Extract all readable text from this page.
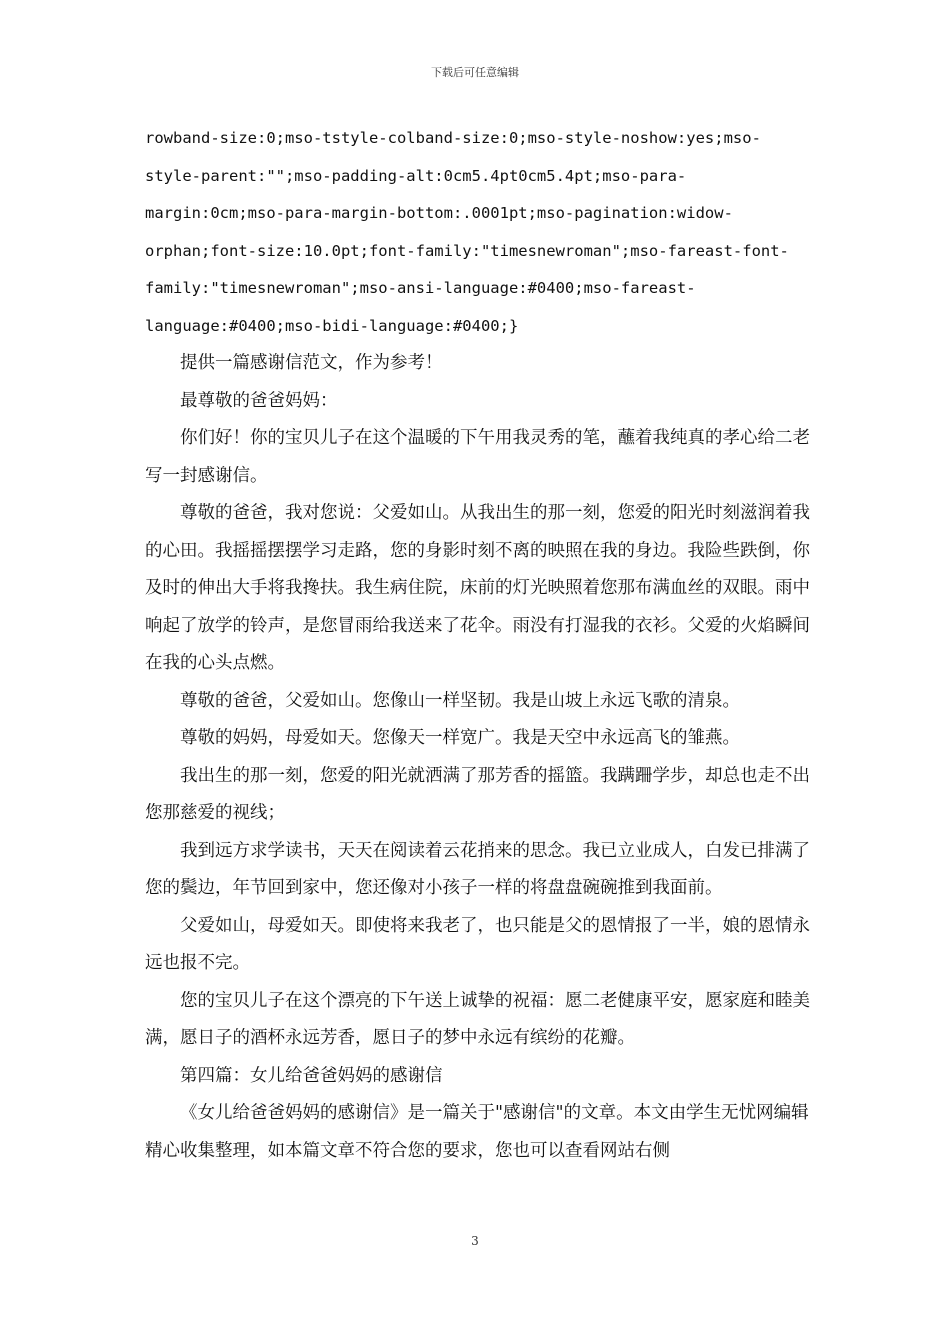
下载后可任意编辑

rowband-size:0;mso-tstyle-colband-size:0;mso-style-noshow:yes;mso-

style-parent:"";mso-padding-alt:0cm5.4pt0cm5.4pt;mso-para-

margin:0cm;mso-para-margin-bottom:.0001pt;mso-pagination:widow-

orphan;font-size:10.0pt;font-family:"timesnewroman";mso-fareast-font-

family:"timesnewroman";mso-ansi-language:#0400;mso-fareast-

language:#0400;mso-bidi-language:#0400;}

提供一篇感谢信范文，作为参考！

最尊敬的爸爸妈妈：

你们好！你的宝贝儿子在这个温暖的下午用我灵秀的笔，蘸着我纯真的孝心给二老写一封感谢信。

尊敬的爸爸，我对您说：父爱如山。从我出生的那一刻，您爱的阳光时刻滋润着我的心田。我摇摇摆摆学习走路，您的身影时刻不离的映照在我的身边。我险些跌倒，你及时的伸出大手将我搀扶。我生病住院，床前的灯光映照着您那布满血丝的双眼。雨中响起了放学的铃声，是您冒雨给我送来了花伞。雨没有打湿我的衣衫。父爱的火焰瞬间在我的心头点燃。

尊敬的爸爸，父爱如山。您像山一样坚韧。我是山坡上永远飞歌的清泉。

尊敬的妈妈，母爱如天。您像天一样宽广。我是天空中永远高飞的雏燕。

我出生的那一刻，您爱的阳光就洒满了那芳香的摇篮。我蹒跚学步，却总也走不出您那慈爱的视线；

我到远方求学读书，天天在阅读着云花捎来的思念。我已立业成人，白发已排满了您的鬓边，年节回到家中，您还像对小孩子一样的将盘盘碗碗推到我面前。

父爱如山，母爱如天。即使将来我老了，也只能是父的恩情报了一半，娘的恩情永远也报不完。

您的宝贝儿子在这个漂亮的下午送上诚挚的祝福：愿二老健康平安，愿家庭和睦美满，愿日子的酒杯永远芳香，愿日子的梦中永远有缤纷的花瓣。

第四篇：女儿给爸爸妈妈的感谢信

《女儿给爸爸妈妈的感谢信》是一篇关于"感谢信"的文章。本文由学生无忧网编辑精心收集整理，如本篇文章不符合您的要求，您也可以查看网站右侧

3
